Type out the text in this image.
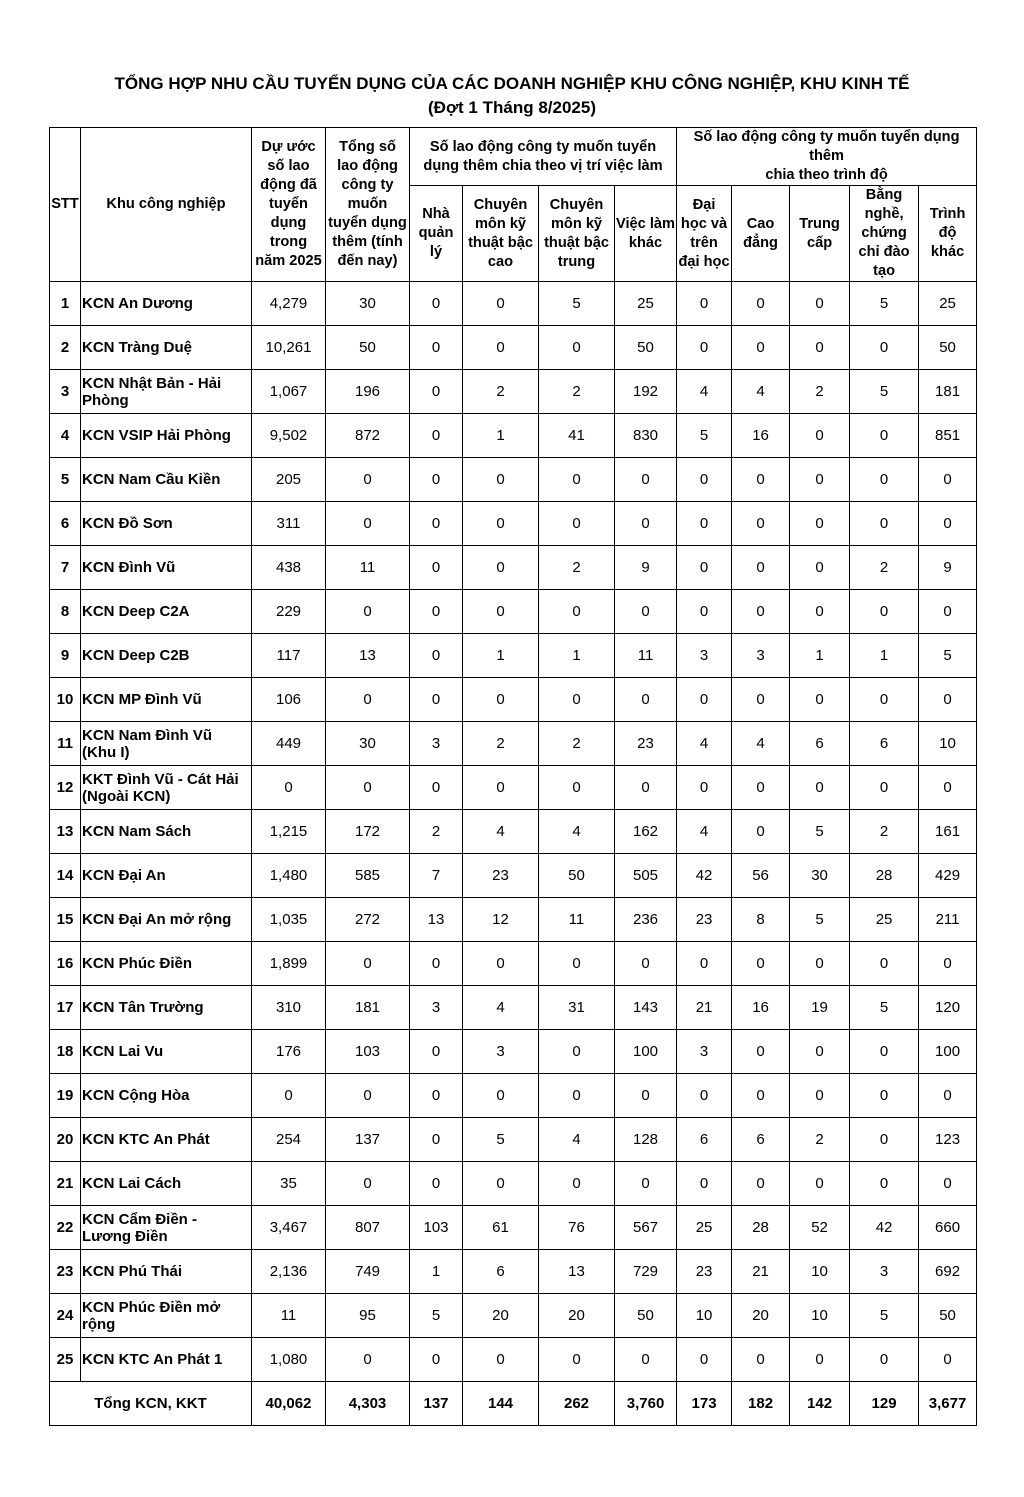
TỔNG HỢP NHU CẦU TUYỂN DỤNG CỦA CÁC DOANH NGHIỆP KHU CÔNG NGHIỆP, KHU KINH TẾ
(Đợt 1 Tháng 8/2025)
STT	Khu công nghiệp	Dự ước số lao động đã tuyển dụng trong năm 2025	Tổng số lao động công ty muốn tuyển dụng thêm (tính đến nay)	Số lao động công ty muốn tuyển dụng thêm chia theo vị trí việc làm				Số lao động công ty muốn tuyển dụng thêm
chia theo trình độ				

				Nhà quản lý	Chuyên môn kỹ thuật bậc cao	Chuyên môn kỹ thuật bậc trung	Việc làm khác	Đại học và trên đại học	Cao đẳng	Trung cấp	Bằng nghề, chứng chỉ đào tạo	Trình độ khác
1	KCN An Dương	4,279	30	0	0	5	25	0	0	0	5	25
2	KCN Tràng Duệ	10,261	50	0	0	0	50	0	0	0	0	50
3	KCN Nhật Bản - Hải Phòng	1,067	196	0	2	2	192	4	4	2	5	181
4	KCN VSIP Hải Phòng	9,502	872	0	1	41	830	5	16	0	0	851
5	KCN Nam Cầu Kiền	205	0	0	0	0	0	0	0	0	0	0
6	KCN Đồ Sơn	311	0	0	0	0	0	0	0	0	0	0
7	KCN Đình Vũ	438	11	0	0	2	9	0	0	0	2	9
8	KCN Deep C2A	229	0	0	0	0	0	0	0	0	0	0
9	KCN Deep C2B	117	13	0	1	1	11	3	3	1	1	5
10	KCN MP Đình Vũ	106	0	0	0	0	0	0	0	0	0	0
11	KCN Nam Đình Vũ (Khu I)	449	30	3	2	2	23	4	4	6	6	10
12	KKT Đình Vũ - Cát Hải (Ngoài KCN)	0	0	0	0	0	0	0	0	0	0	0
13	KCN Nam Sách	1,215	172	2	4	4	162	4	0	5	2	161
14	KCN Đại An	1,480	585	7	23	50	505	42	56	30	28	429
15	KCN Đại An mở rộng	1,035	272	13	12	11	236	23	8	5	25	211
16	KCN Phúc Điền	1,899	0	0	0	0	0	0	0	0	0	0
17	KCN Tân Trường	310	181	3	4	31	143	21	16	19	5	120
18	KCN Lai Vu	176	103	0	3	0	100	3	0	0	0	100
19	KCN Cộng Hòa	0	0	0	0	0	0	0	0	0	0	0
20	KCN KTC An Phát	254	137	0	5	4	128	6	6	2	0	123
21	KCN Lai Cách	35	0	0	0	0	0	0	0	0	0	0
22	KCN Cẩm Điền - Lương Điền	3,467	807	103	61	76	567	25	28	52	42	660
23	KCN Phú Thái	2,136	749	1	6	13	729	23	21	10	3	692
24	KCN Phúc Điền mở rộng	11	95	5	20	20	50	10	20	10	5	50
25	KCN KTC An Phát 1	1,080	0	0	0	0	0	0	0	0	0	0
Tổng KCN, KKT		40,062	4,303	137	144	262	3,760	173	182	142	129	3,677
